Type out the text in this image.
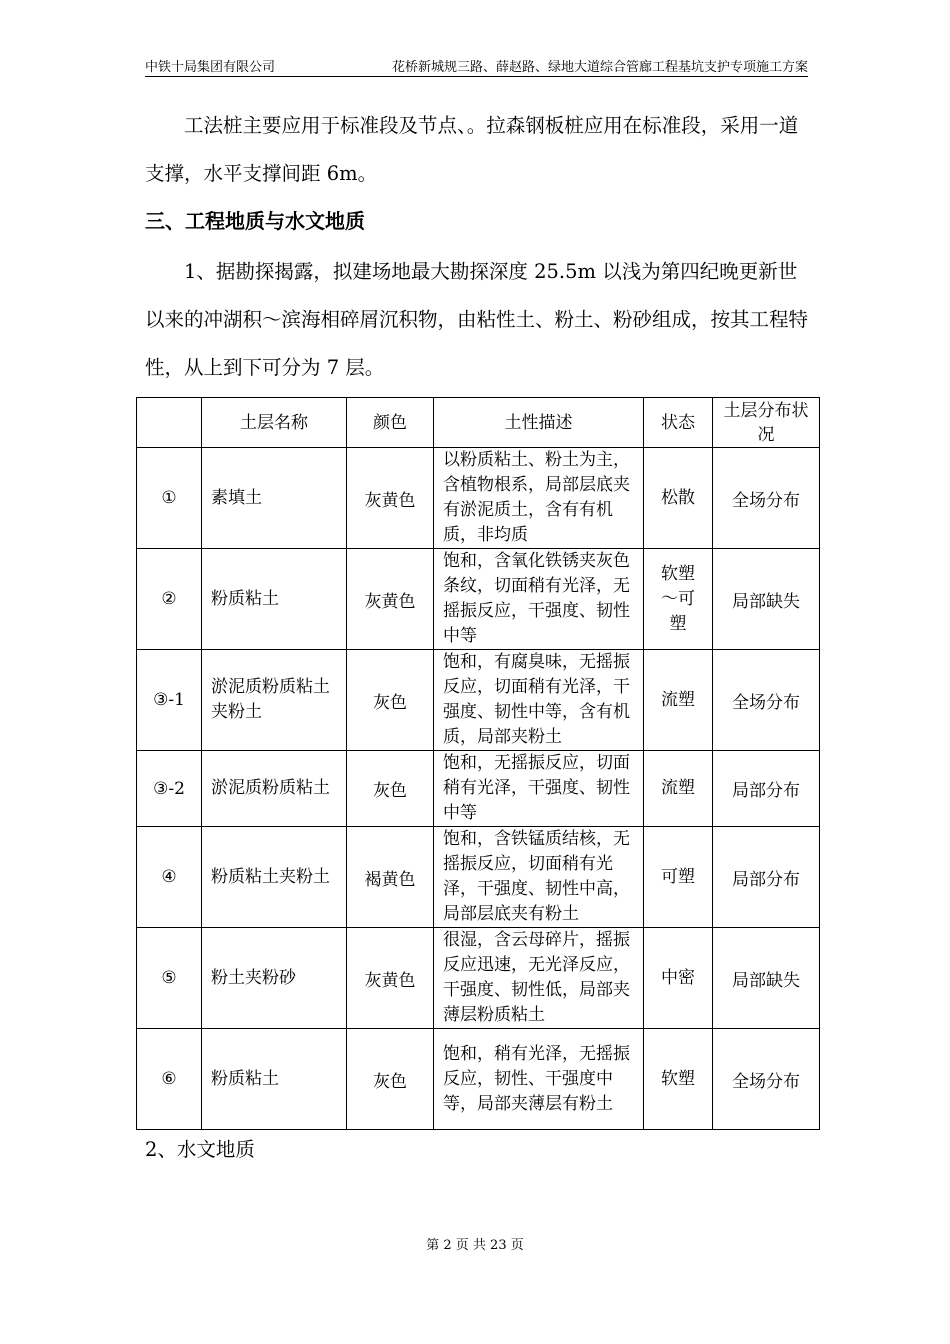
中铁十局集团有限公司	花桥新城规三路、薛赵路、绿地大道综合管廊工程基坑支护专项施工方案

工法桩主要应用于标准段及节点、。拉森钢板桩应用在标准段，采用一道支撑，水平支撑间距 6m。

三、工程地质与水文地质

1、据勘探揭露，拟建场地最大勘探深度 25.5m 以浅为第四纪晚更新世以来的冲湖积～滨海相碎屑沉积物，由粘性土、粉土、粉砂组成，按其工程特性，从上到下可分为 7 层。

	土层名称	颜色	土性描述	状态	土层分布状况
①	素填土	灰黄色	以粉质粘土、粉土为主，含植物根系，局部层底夹有淤泥质土，含有有机质，非均质	松散	全场分布
②	粉质粘土	灰黄色	饱和，含氧化铁锈夹灰色条纹，切面稍有光泽，无摇振反应，干强度、韧性中等	软塑～可塑	局部缺失
③-1	淤泥质粉质粘土夹粉土	灰色	饱和，有腐臭味，无摇振反应，切面稍有光泽，干强度、韧性中等，含有机质，局部夹粉土	流塑	全场分布
③-2	淤泥质粉质粘土	灰色	饱和，无摇振反应，切面稍有光泽，干强度、韧性中等	流塑	局部分布
④	粉质粘土夹粉土	褐黄色	饱和，含铁锰质结核，无摇振反应，切面稍有光泽，干强度、韧性中高，局部层底夹有粉土	可塑	局部分布
⑤	粉土夹粉砂	灰黄色	很湿，含云母碎片，摇振反应迅速，无光泽反应，干强度、韧性低，局部夹薄层粉质粘土	中密	局部缺失
⑥	粉质粘土	灰色	饱和，稍有光泽，无摇振反应，韧性、干强度中等，局部夹薄层有粉土	软塑	全场分布

2、水文地质

第 2 页 共 23 页
